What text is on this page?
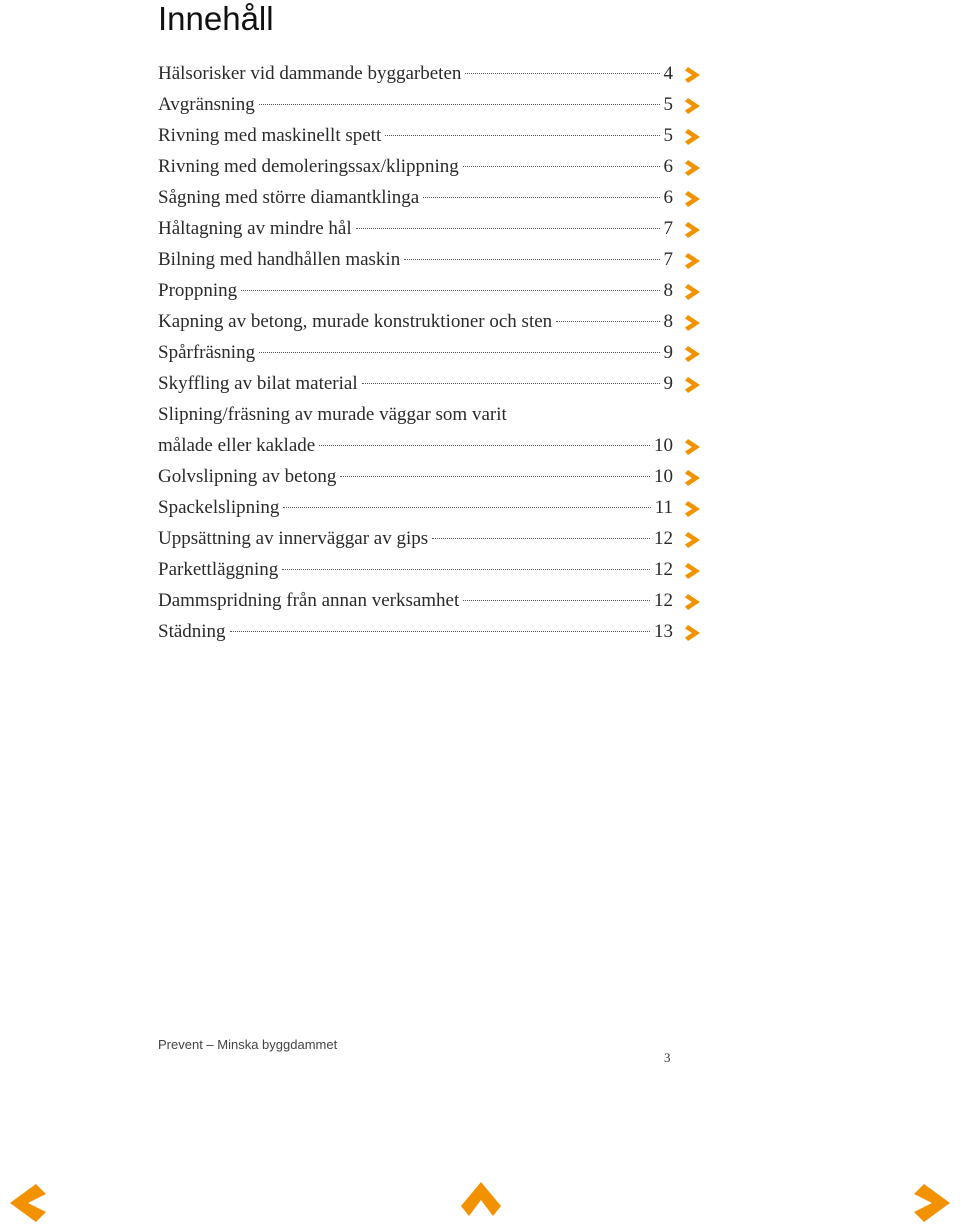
Innehåll
Hälsorisker vid dammande byggarbeten	4
Avgränsning	5
Rivning med maskinellt spett	5
Rivning med demoleringssax/klippning	6
Sågning med större diamantklinga	6
Håltagning av mindre hål	7
Bilning med handhållen maskin	7
Proppning	8
Kapning av betong, murade konstruktioner och sten	8
Spårfräsning	9
Skyffling av bilat material	9
Slipning/fräsning av murade väggar som varit
målade eller kaklade	10
Golvslipning av betong	10
Spackelslipning	11
Uppsättning av innerväggar av gips	12
Parkettläggning	12
Dammspridning från annan verksamhet	12
Städning	13
Prevent – Minska byggdammet
3
